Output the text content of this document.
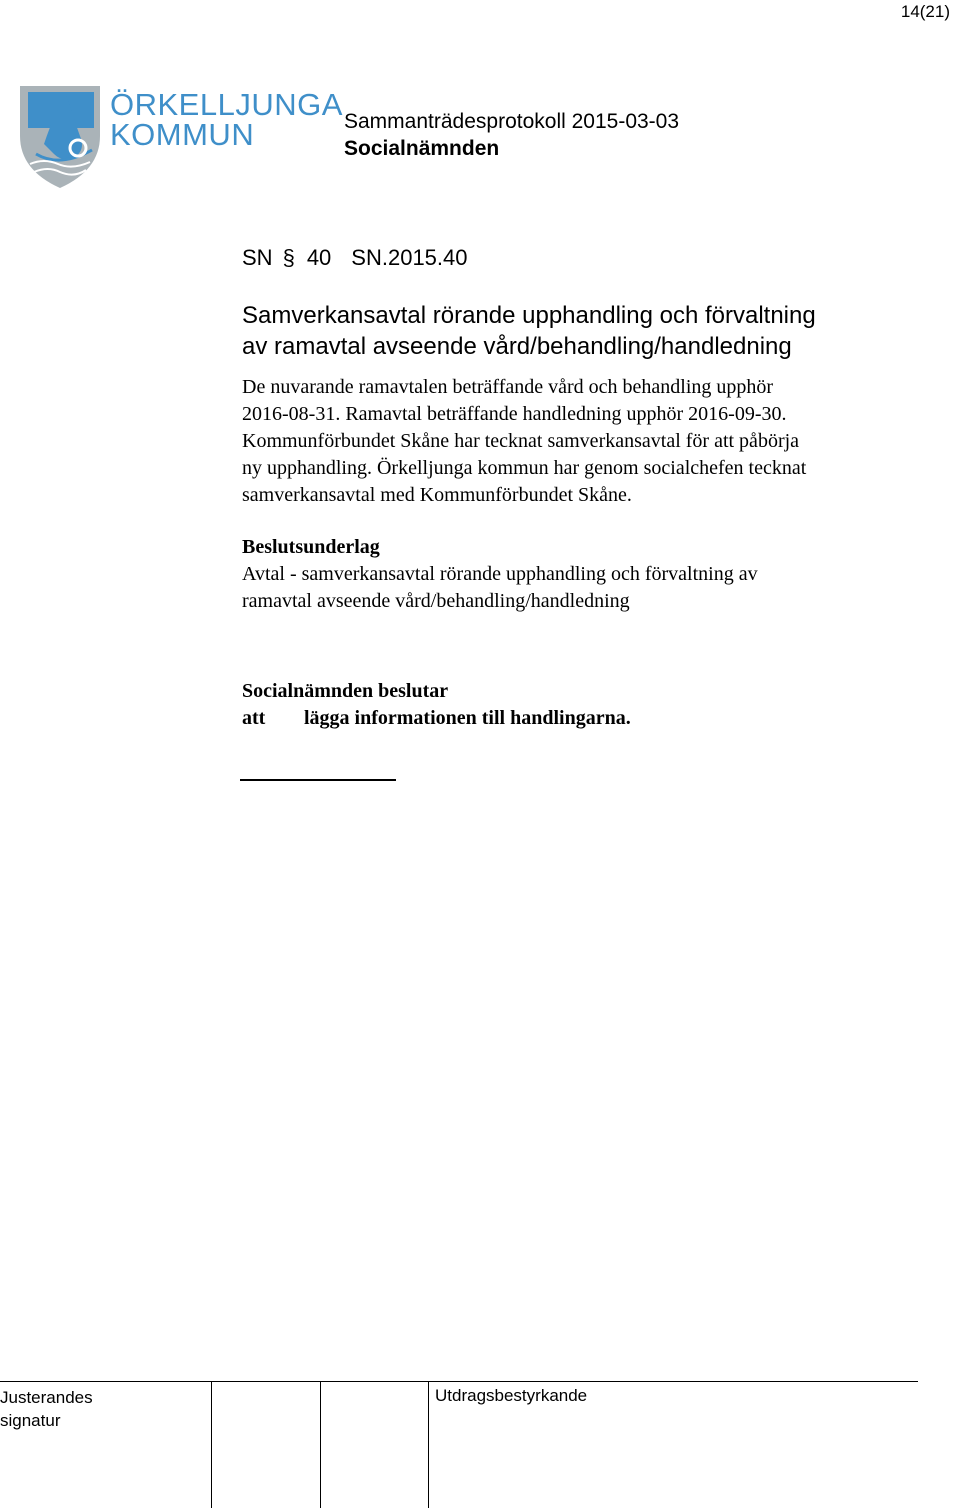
14(21)
ÖRKELLJUNGA
KOMMUN	Sammanträdesprotokoll 2015-03-03
Socialnämnden
SN § 40 SN.2015.40
Samverkansavtal rörande upphandling och förvaltning
av ramavtal avseende vård/behandling/handledning
De nuvarande ramavtalen beträffande vård och behandling upphör
2016-08-31. Ramavtal beträffande handledning upphör 2016-09-30.
Kommunförbundet Skåne har tecknat samverkansavtal för att påbörja
ny upphandling. Örkelljunga kommun har genom socialchefen tecknat
samverkansavtal med Kommunförbundet Skåne.
Beslutsunderlag
Avtal - samverkansavtal rörande upphandling och förvaltning av
ramavtal avseende vård/behandling/handledning
Socialnämnden beslutar
att lägga informationen till handlingarna.
Justerandes
signatur
Utdragsbestyrkande
